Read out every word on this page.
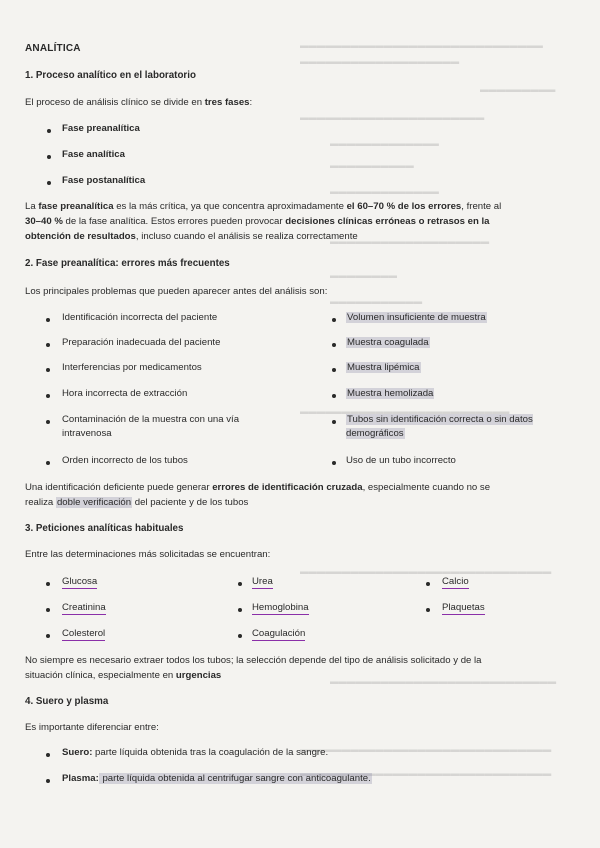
▬▬▬▬▬▬▬▬▬▬▬▬▬▬▬▬▬▬▬▬▬▬▬▬▬▬▬▬▬
▬▬▬▬▬▬▬▬▬▬▬▬▬▬▬▬▬▬▬
▬▬▬▬▬▬▬▬▬
▬▬▬▬▬▬▬▬▬▬▬▬▬▬▬▬▬▬▬▬▬▬
▬▬▬▬▬▬▬▬▬▬▬▬▬
▬▬▬▬▬▬▬▬▬▬
▬▬▬▬▬▬▬▬▬▬▬▬▬
▬▬▬▬▬▬▬▬▬▬▬▬▬▬▬▬▬▬▬
▬▬▬▬▬▬▬▬
▬▬▬▬▬▬▬▬▬▬▬
▬▬▬▬▬▬▬▬▬▬▬▬▬▬▬▬▬▬▬▬▬▬▬▬▬
▬▬▬▬▬▬▬▬▬▬▬▬▬▬▬▬▬▬▬▬▬▬▬▬▬▬▬▬▬▬
▬▬▬▬▬▬▬▬▬▬▬▬▬▬▬▬▬▬▬▬▬▬▬▬▬▬▬
▬▬▬▬▬▬▬▬▬▬▬▬▬▬▬▬▬▬▬▬▬▬▬▬▬▬▬▬▬▬
▬▬▬▬▬▬▬▬▬▬▬▬▬▬▬▬▬▬▬▬▬▬▬▬▬▬▬▬▬▬
ANALÍTICA
1. Proceso analítico en el laboratorio
El proceso de análisis clínico se divide en tres fases:
Fase preanalítica
Fase analítica
Fase postanalítica
La fase preanalítica es la más crítica, ya que concentra aproximadamente el 60–70 % de los errores, frente al
30–40 % de la fase analítica. Estos errores pueden provocar decisiones clínicas erróneas o retrasos en la
obtención de resultados, incluso cuando el análisis se realiza correctamente
2. Fase preanalítica: errores más frecuentes
Los principales problemas que pueden aparecer antes del análisis son:
Identificación incorrecta del paciente
Preparación inadecuada del paciente
Interferencias por medicamentos
Hora incorrecta de extracción
Contaminación de la muestra con una vía intravenosa
Orden incorrecto de los tubos
Volumen insuficiente de muestra
Muestra coagulada
Muestra lipémica
Muestra hemolizada
Tubos sin identificación correcta o sin datos demográficos
Uso de un tubo incorrecto
Una identificación deficiente puede generar errores de identificación cruzada, especialmente cuando no se
realiza doble verificación del paciente y de los tubos
3. Peticiones analíticas habituales
Entre las determinaciones más solicitadas se encuentran:
Glucosa
Creatinina
Colesterol
Urea
Hemoglobina
Coagulación
Calcio
Plaquetas
No siempre es necesario extraer todos los tubos; la selección depende del tipo de análisis solicitado y de la
situación clínica, especialmente en urgencias
4. Suero y plasma
Es importante diferenciar entre:
Suero: parte líquida obtenida tras la coagulación de la sangre.
Plasma: parte líquida obtenida al centrifugar sangre con anticoagulante.
